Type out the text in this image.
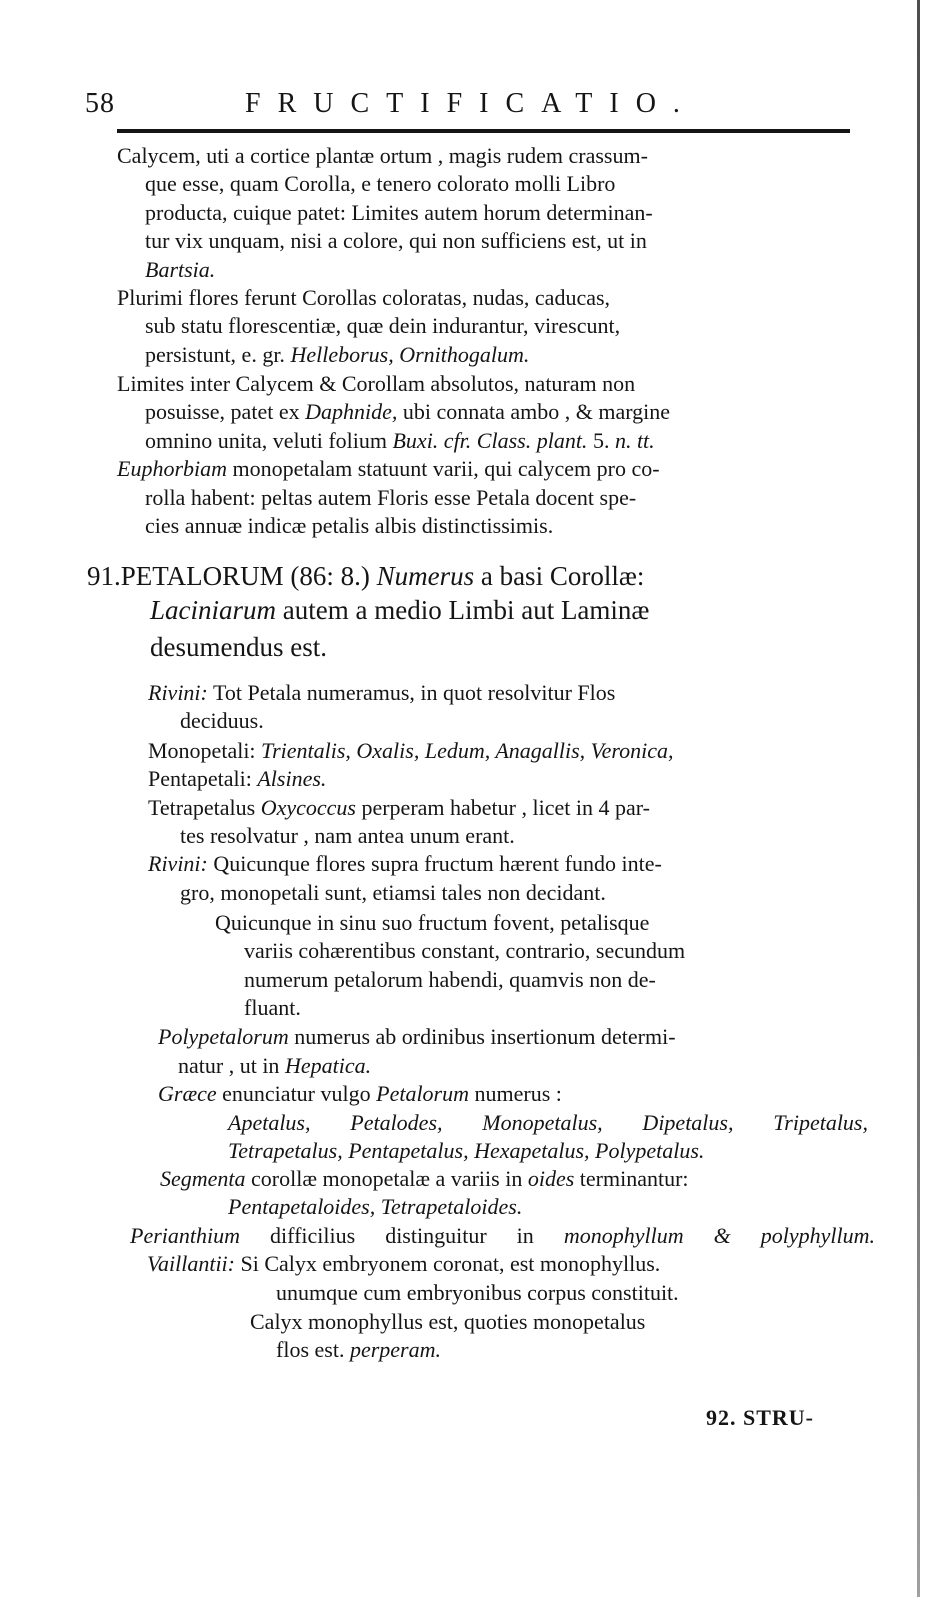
58	FRUCTIFICATIO.
Calycem, uti a cortice plantæ ortum , magis rudem crassum-
que esse, quam Corolla, e tenero colorato molli Libro
producta, cuique patet: Limites autem horum determinan-
tur vix unquam, nisi a colore, qui non sufficiens est, ut in
Bartsia.
Plurimi flores ferunt Corollas coloratas, nudas, caducas,
sub statu florescentiæ, quæ dein indurantur, virescunt,
persistunt, e. gr. Helleborus, Ornithogalum.
Limites inter Calycem & Corollam absolutos, naturam non
posuisse, patet ex Daphnide, ubi connata ambo , & margine
omnino unita, veluti folium Buxi. cfr. Class. plant. 5. n. tt.
Euphorbiam monopetalam statuunt varii, qui calycem pro co-
rolla habent: peltas autem Floris esse Petala docent spe-
cies annuæ indicæ petalis albis distinctissimis.
91.PETALORUM (86: 8.) Numerus a basi Corollæ:
Laciniarum autem a medio Limbi aut Laminæ
desumendus est.
Rivini: Tot Petala numeramus, in quot resolvitur Flos
deciduus.
Monopetali: Trientalis, Oxalis, Ledum, Anagallis, Veronica,
Pentapetali: Alsines.
Tetrapetalus Oxycoccus perperam habetur , licet in 4 par-
tes resolvatur , nam antea unum erant.
Rivini: Quicunque flores supra fructum hærent fundo inte-
gro, monopetali sunt, etiamsi tales non decidant.
Quicunque in sinu suo fructum fovent, petalisque
variis cohærentibus constant, contrario, secundum
numerum petalorum habendi, quamvis non de-
fluant.
Polypetalorum numerus ab ordinibus insertionum determi-
natur , ut in Hepatica.
Græce enunciatur vulgo Petalorum numerus :
Apetalus, Petalodes, Monopetalus, Dipetalus, Tripetalus,
Tetrapetalus, Pentapetalus, Hexapetalus, Polypetalus.
Segmenta corollæ monopetalæ a variis in oides terminantur:
Pentapetaloides, Tetrapetaloides.
Perianthium difficilius distinguitur in monophyllum & polyphyllum.
Vaillantii: Si Calyx embryonem coronat, est monophyllus.
unumque cum embryonibus corpus constituit.
Calyx monophyllus est, quoties monopetalus
flos est. perperam.
92. STRU-
